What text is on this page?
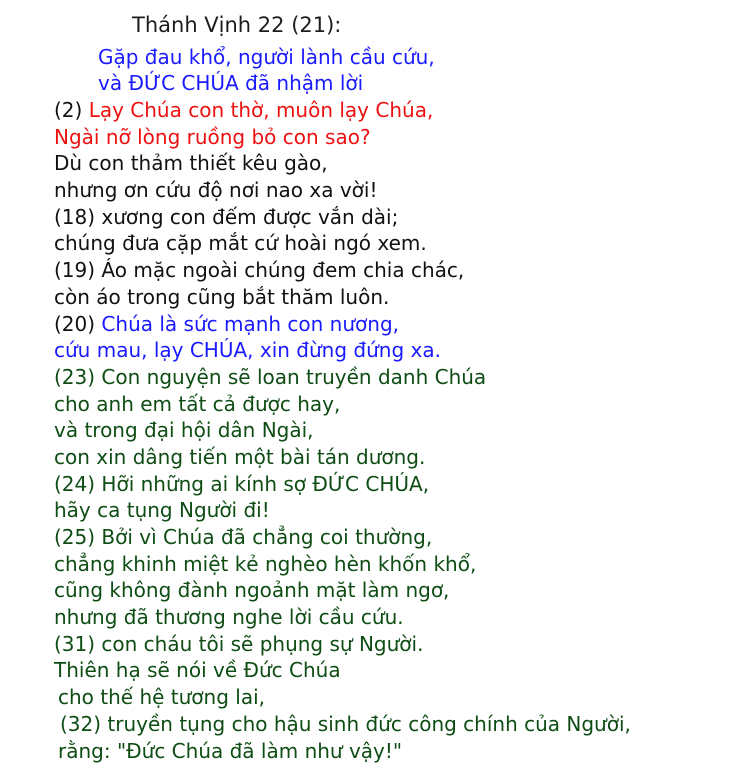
Thánh Vịnh 22 (21):
Gặp đau khổ, người lành cầu cứu,
và ĐỨC CHÚA đã nhậm lời
(2) Lạy Chúa con thờ, muôn lạy Chúa,
Ngài nỡ lòng ruồng bỏ con sao?
Dù con thảm thiết kêu gào,
nhưng ơn cứu độ nơi nao xa vời!
(18) xương con đếm được vắn dài;
chúng đưa cặp mắt cứ hoài ngó xem.
(19) Áo mặc ngoài chúng đem chia chác,
còn áo trong cũng bắt thăm luôn.
(20) Chúa là sức mạnh con nương,
cứu mau, lạy CHÚA, xin đừng đứng xa.
(23) Con nguyện sẽ loan truyền danh Chúa
cho anh em tất cả được hay,
và trong đại hội dân Ngài,
con xin dâng tiến một bài tán dương.
(24) Hỡi những ai kính sợ ĐỨC CHÚA,
hãy ca tụng Người đi!
(25) Bởi vì Chúa đã chẳng coi thường,
chẳng khinh miệt kẻ nghèo hèn khốn khổ,
cũng không đành ngoảnh mặt làm ngơ,
nhưng đã thương nghe lời cầu cứu.
(31) con cháu tôi sẽ phụng sự Người.
Thiên hạ sẽ nói về Đức Chúa
cho thế hệ tương lai,
(32) truyền tụng cho hậu sinh đức công chính của Người,
rằng: "Đức Chúa đã làm như vậy!"
